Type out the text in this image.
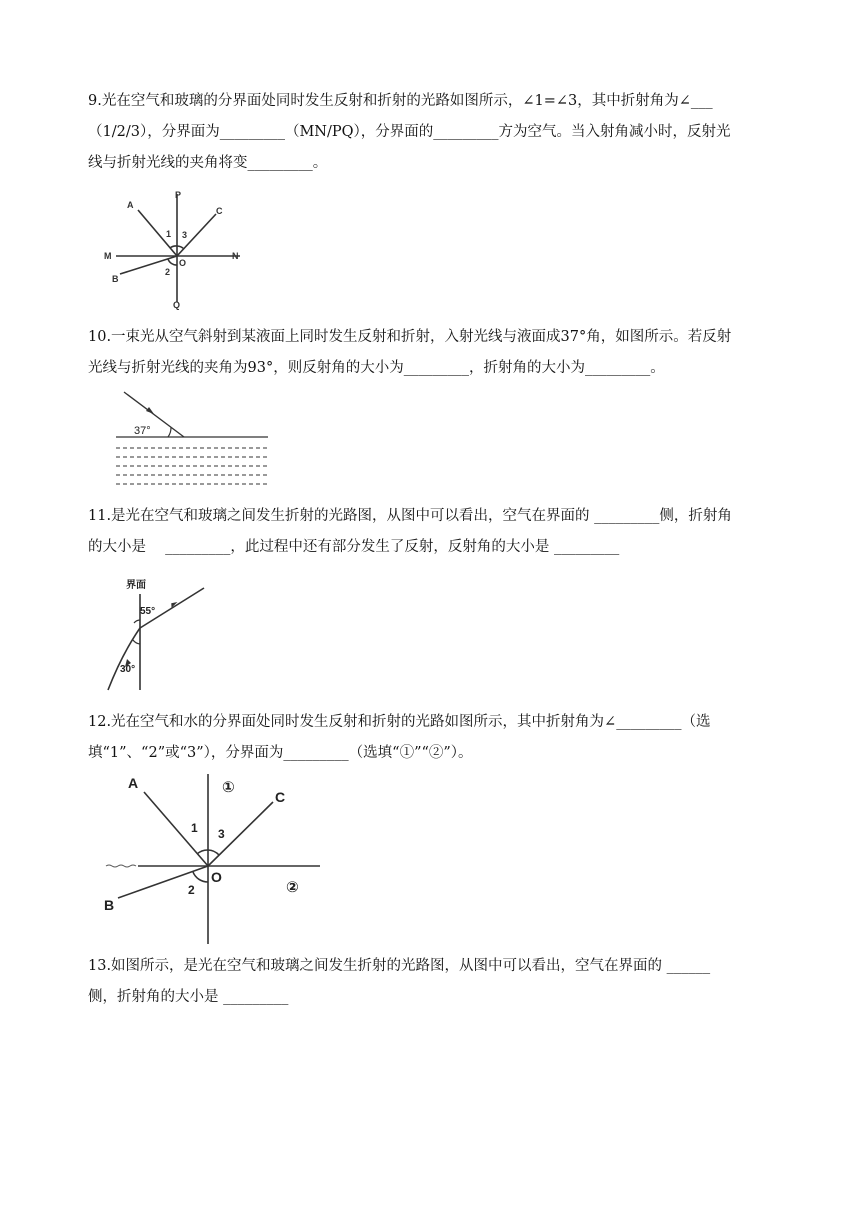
9.光在空气和玻璃的分界面处同时发生反射和折射的光路如图所示，∠1=∠3，其中折射角为∠___（1/2/3），分界面为_________（MN/PQ），分界面的_________方为空气。当入射角减小时，反射光线与折射光线的夹角将变_________。

P
A
C
1 3
M
O
N
2
B
Q

10.一束光从空气斜射到某液面上同时发生反射和折射，入射光线与液面成37°角，如图所示。若反射光线与折射光线的夹角为93°，则反射角的大小为_________，折射角的大小为_________。

37°

11.是光在空气和玻璃之间发生折射的光路图，从图中可以看出，空气在界面的 _________侧，折射角的大小是　 _________，此过程中还有部分发生了反射，反射角的大小是 _________

界面
55°
30°

12.光在空气和水的分界面处同时发生反射和折射的光路如图所示，其中折射角为∠_________（选填“1”、“2”或“3”），分界面为_________（选填“①”“②”）。

A
C
1 3
O
2
B
①
②

13.如图所示，是光在空气和玻璃之间发生折射的光路图，从图中可以看出，空气在界面的 ______侧，折射角的大小是 _________
